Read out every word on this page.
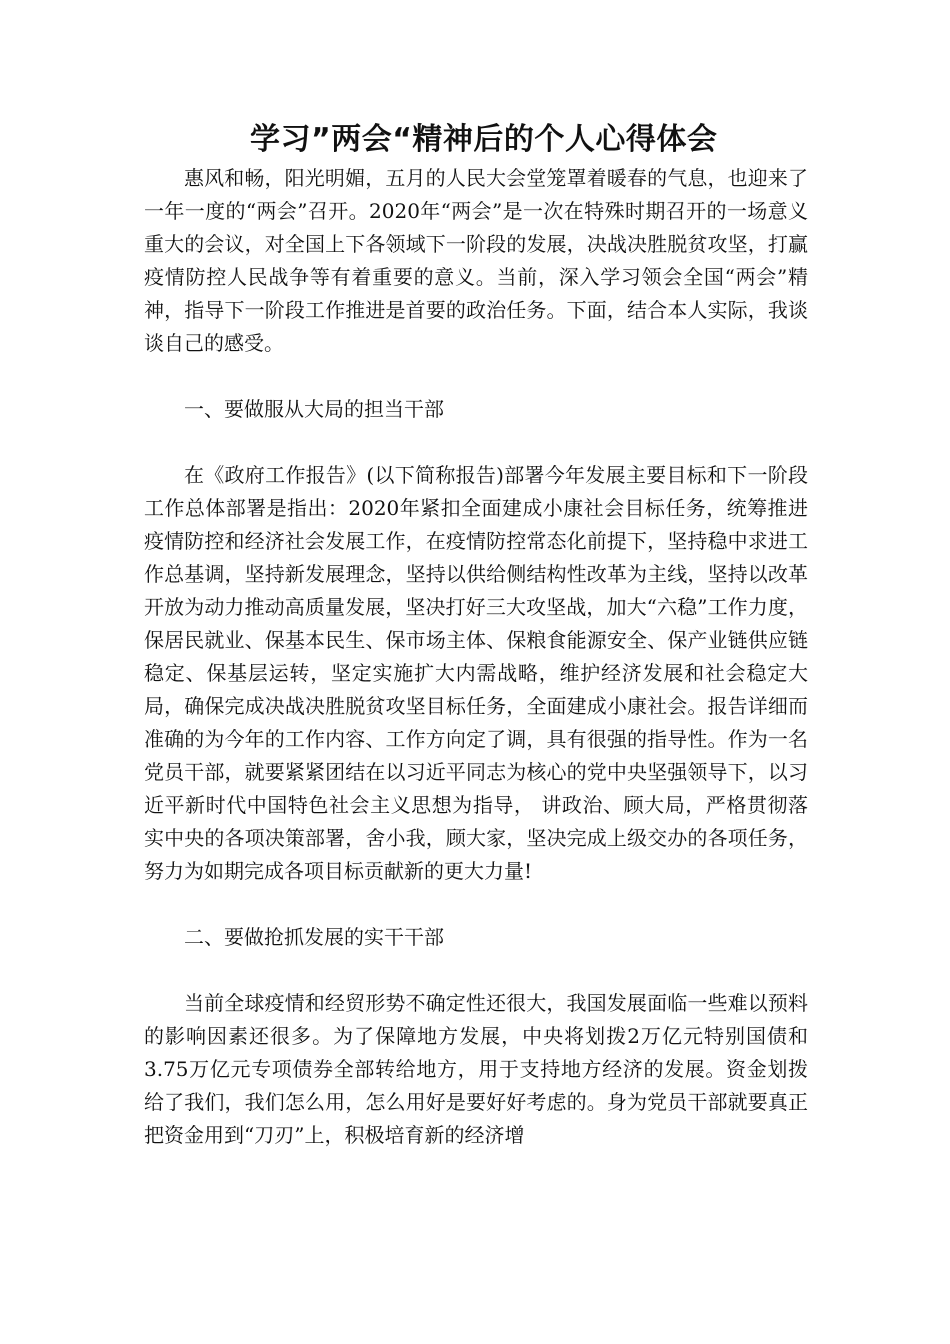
学习”两会“精神后的个人心得体会

惠风和畅，阳光明媚，五月的人民大会堂笼罩着暖春的气息，也迎来了一年一度的“两会”召开。2020年“两会”是一次在特殊时期召开的一场意义重大的会议，对全国上下各领域下一阶段的发展，决战决胜脱贫攻坚，打赢疫情防控人民战争等有着重要的意义。当前，深入学习领会全国“两会”精神，指导下一阶段工作推进是首要的政治任务。下面，结合本人实际，我谈谈自己的感受。

一、要做服从大局的担当干部

在《政府工作报告》(以下简称报告)部署今年发展主要目标和下一阶段工作总体部署是指出：2020年紧扣全面建成小康社会目标任务，统筹推进疫情防控和经济社会发展工作，在疫情防控常态化前提下，坚持稳中求进工作总基调，坚持新发展理念，坚持以供给侧结构性改革为主线，坚持以改革开放为动力推动高质量发展，坚决打好三大攻坚战，加大“六稳”工作力度，保居民就业、保基本民生、保市场主体、保粮食能源安全、保产业链供应链稳定、保基层运转，坚定实施扩大内需战略，维护经济发展和社会稳定大局，确保完成决战决胜脱贫攻坚目标任务，全面建成小康社会。报告详细而准确的为今年的工作内容、工作方向定了调，具有很强的指导性。作为一名党员干部，就要紧紧团结在以习近平同志为核心的党中央坚强领导下，以习近平新时代中国特色社会主义思想为指导， 讲政治、顾大局，严格贯彻落实中央的各项决策部署，舍小我，顾大家，坚决完成上级交办的各项任务，努力为如期完成各项目标贡献新的更大力量!

二、要做抢抓发展的实干干部

当前全球疫情和经贸形势不确定性还很大，我国发展面临一些难以预料的影响因素还很多。为了保障地方发展，中央将划拨2万亿元特别国债和3.75万亿元专项债券全部转给地方，用于支持地方经济的发展。资金划拨给了我们，我们怎么用，怎么用好是要好好考虑的。身为党员干部就要真正把资金用到“刀刃”上，积极培育新的经济增
